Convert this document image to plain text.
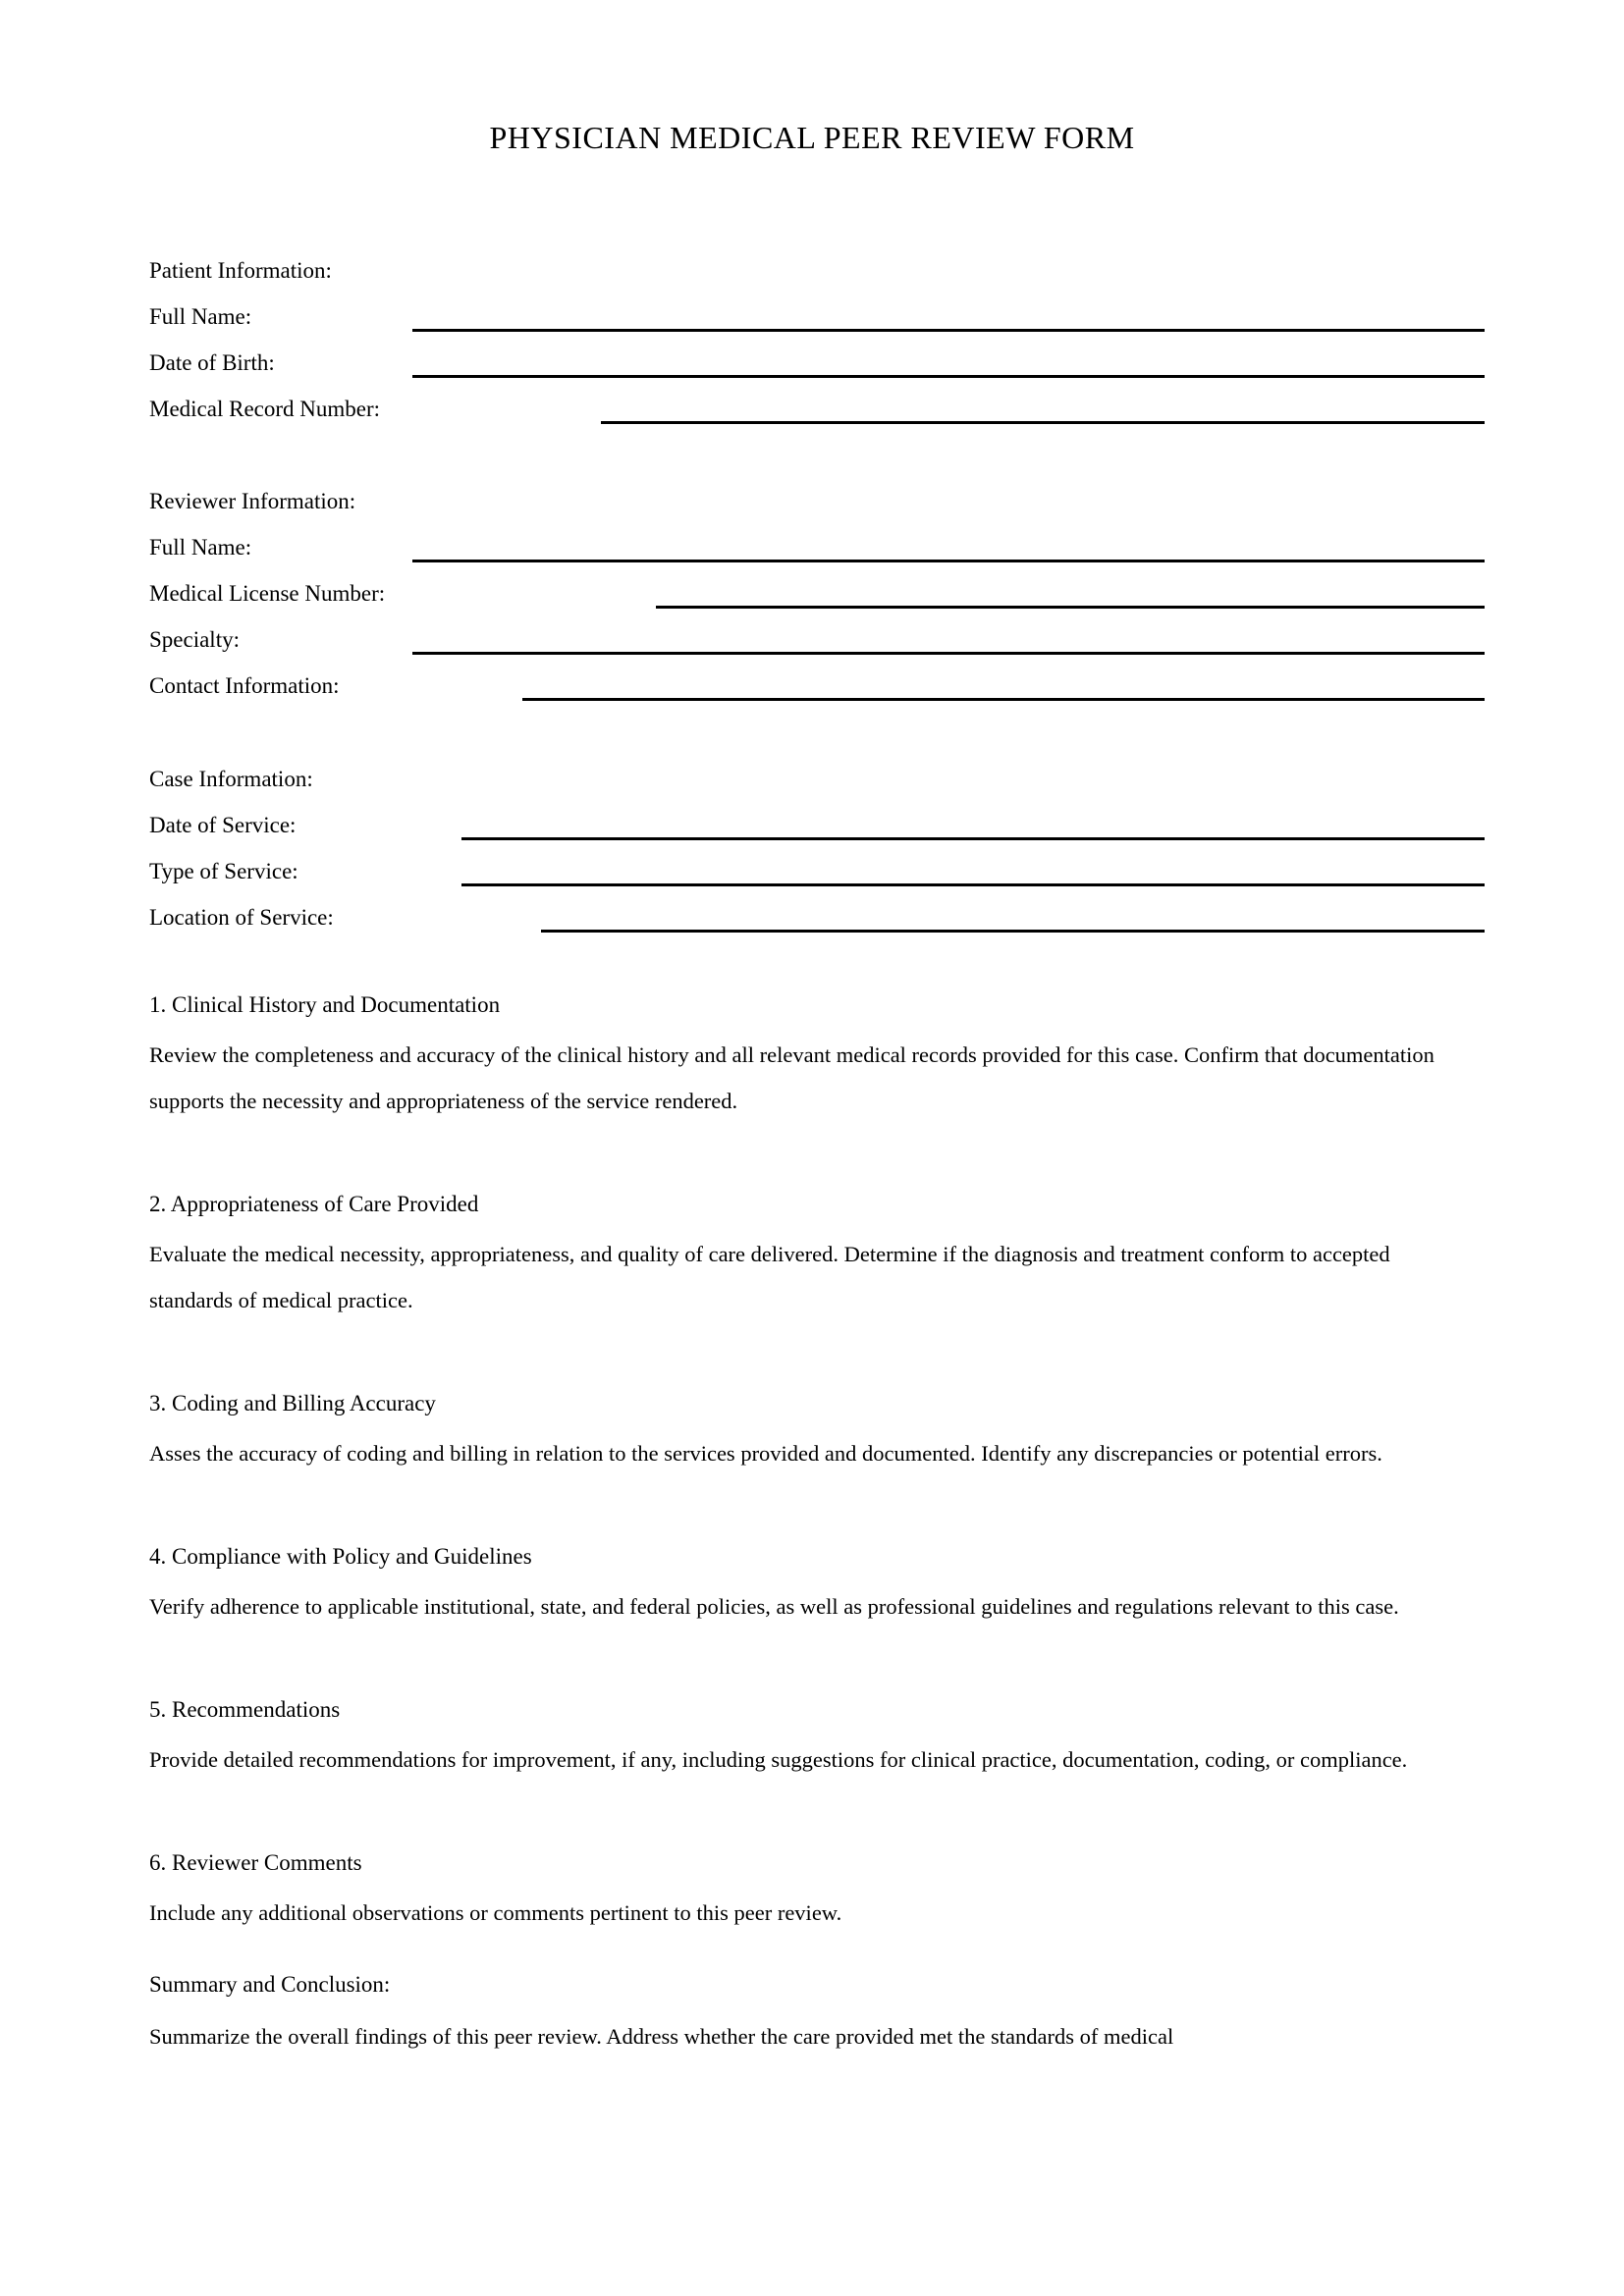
PHYSICIAN MEDICAL PEER REVIEW FORM
Patient Information:
Full Name:
Date of Birth:
Medical Record Number:
Reviewer Information:
Full Name:
Medical License Number:
Specialty:
Contact Information:
Case Information:
Date of Service:
Type of Service:
Location of Service:
1. Clinical History and Documentation
Review the completeness and accuracy of the clinical history and all relevant medical records provided for this case. Confirm that documentation supports the necessity and appropriateness of the service rendered.
2. Appropriateness of Care Provided
Evaluate the medical necessity, appropriateness, and quality of care delivered. Determine if the diagnosis and treatment conform to accepted standards of medical practice.
3. Coding and Billing Accuracy
Asses the accuracy of coding and billing in relation to the services provided and documented. Identify any discrepancies or potential errors.
4. Compliance with Policy and Guidelines
Verify adherence to applicable institutional, state, and federal policies, as well as professional guidelines and regulations relevant to this case.
5. Recommendations
Provide detailed recommendations for improvement, if any, including suggestions for clinical practice, documentation, coding, or compliance.
6. Reviewer Comments
Include any additional observations or comments pertinent to this peer review.
Summary and Conclusion:
Summarize the overall findings of this peer review. Address whether the care provided met the standards of medical
